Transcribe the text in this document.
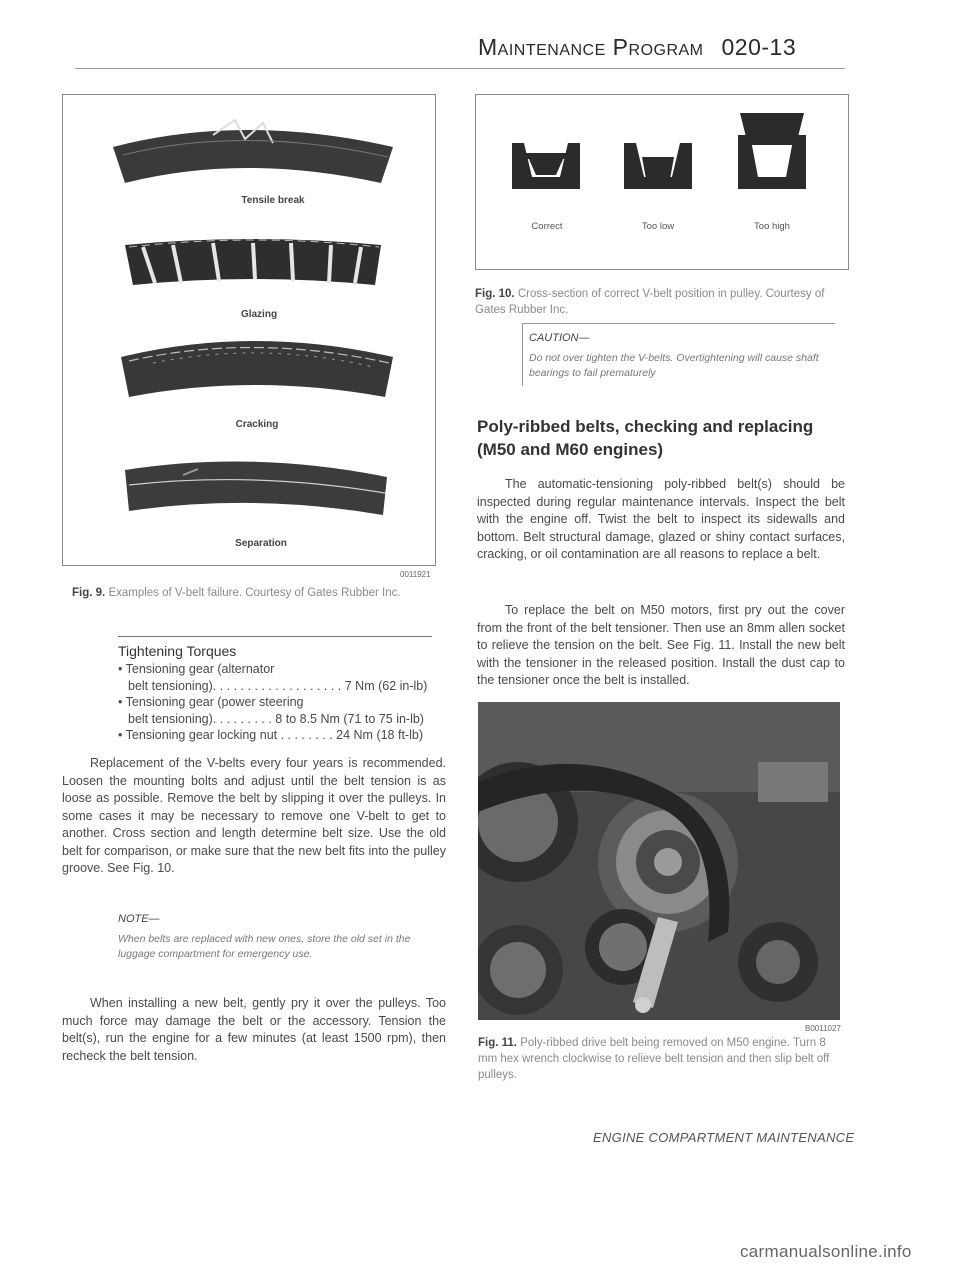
Maintenance Program 020-13
Tensile break
Glazing
Cracking
Separation
0011921
Fig. 9. Examples of V-belt failure. Courtesy of Gates Rubber Inc.
Tightening Torques
• Tensioning gear (alternator
belt tensioning). . . . . . . . . . . . . . . . . . . 7 Nm (62 in-lb)
• Tensioning gear (power steering
belt tensioning). . . . . . . . . 8 to 8.5 Nm (71 to 75 in-lb)
• Tensioning gear locking nut . . . . . . . . 24 Nm (18 ft-lb)
Replacement of the V-belts every four years is recommended. Loosen the mounting bolts and adjust until the belt tension is as loose as possible. Remove the belt by slipping it over the pulleys. In some cases it may be necessary to remove one V-belt to get to another. Cross section and length determine belt size. Use the old belt for comparison, or make sure that the new belt fits into the pulley groove. See Fig. 10.
NOTE—
When belts are replaced with new ones, store the old set in the luggage compartment for emergency use.
When installing a new belt, gently pry it over the pulleys. Too much force may damage the belt or the accessory. Tension the belt(s), run the engine for a few minutes (at least 1500 rpm), then recheck the belt tension.
Correct	Too low	Too high
Fig. 10. Cross-section of correct V-belt position in pulley. Courtesy of Gates Rubber Inc.
CAUTION—
Do not over tighten the V-belts. Overtightening will cause shaft bearings to fail prematurely
Poly-ribbed belts, checking and replacing (M50 and M60 engines)
The automatic-tensioning poly-ribbed belt(s) should be inspected during regular maintenance intervals. Inspect the belt with the engine off. Twist the belt to inspect its sidewalls and bottom. Belt structural damage, glazed or shiny contact surfaces, cracking, or oil contamination are all reasons to replace a belt.
To replace the belt on M50 motors, first pry out the cover from the front of the belt tensioner. Then use an 8mm allen socket to relieve the tension on the belt. See Fig. 11. Install the new belt with the tensioner in the released position. Install the dust cap to the tensioner once the belt is installed.
B0011027
Fig. 11. Poly-ribbed drive belt being removed on M50 engine. Turn 8 mm hex wrench clockwise to relieve belt tension and then slip belt off pulleys.
ENGINE COMPARTMENT MAINTENANCE
carmanualsonline.info
